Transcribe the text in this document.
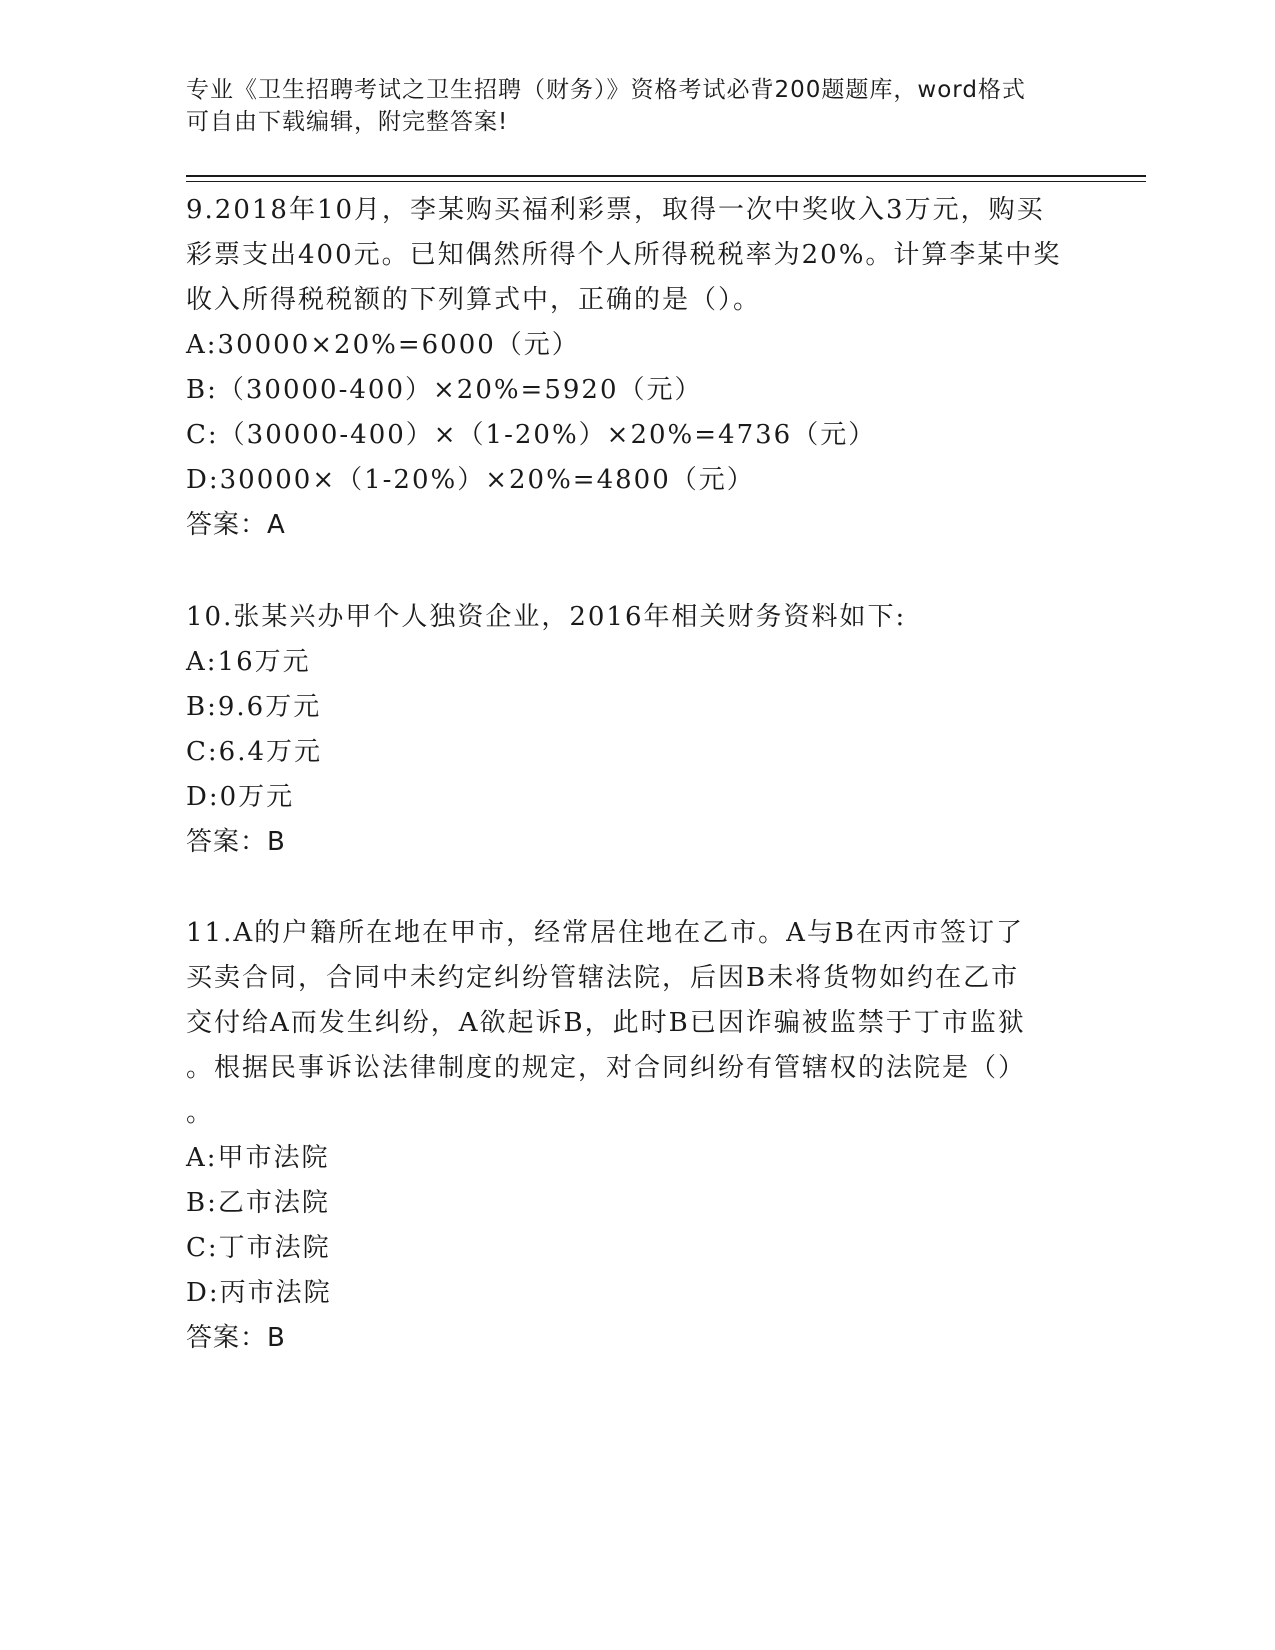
专业《卫生招聘考试之卫生招聘（财务）》资格考试必背200题题库，word格式
可自由下载编辑，附完整答案!
9.2018年10月，李某购买福利彩票，取得一次中奖收入3万元，购买
彩票支出400元。已知偶然所得个人所得税税率为20%。计算李某中奖
收入所得税税额的下列算式中，正确的是（）。
A:30000×20%=6000（元）
B:（30000-400）×20%=5920（元）
C:（30000-400）×（1-20%）×20%=4736（元）
D:30000×（1-20%）×20%=4800（元）
答案：A
10.张某兴办甲个人独资企业，2016年相关财务资料如下:
A:16万元
B:9.6万元
C:6.4万元
D:0万元
答案：B
11.A的户籍所在地在甲市，经常居住地在乙市。A与B在丙市签订了
买卖合同，合同中未约定纠纷管辖法院，后因B未将货物如约在乙市
交付给A而发生纠纷，A欲起诉B，此时B已因诈骗被监禁于丁市监狱
。根据民事诉讼法律制度的规定，对合同纠纷有管辖权的法院是（）
。
A:甲市法院
B:乙市法院
C:丁市法院
D:丙市法院
答案：B
